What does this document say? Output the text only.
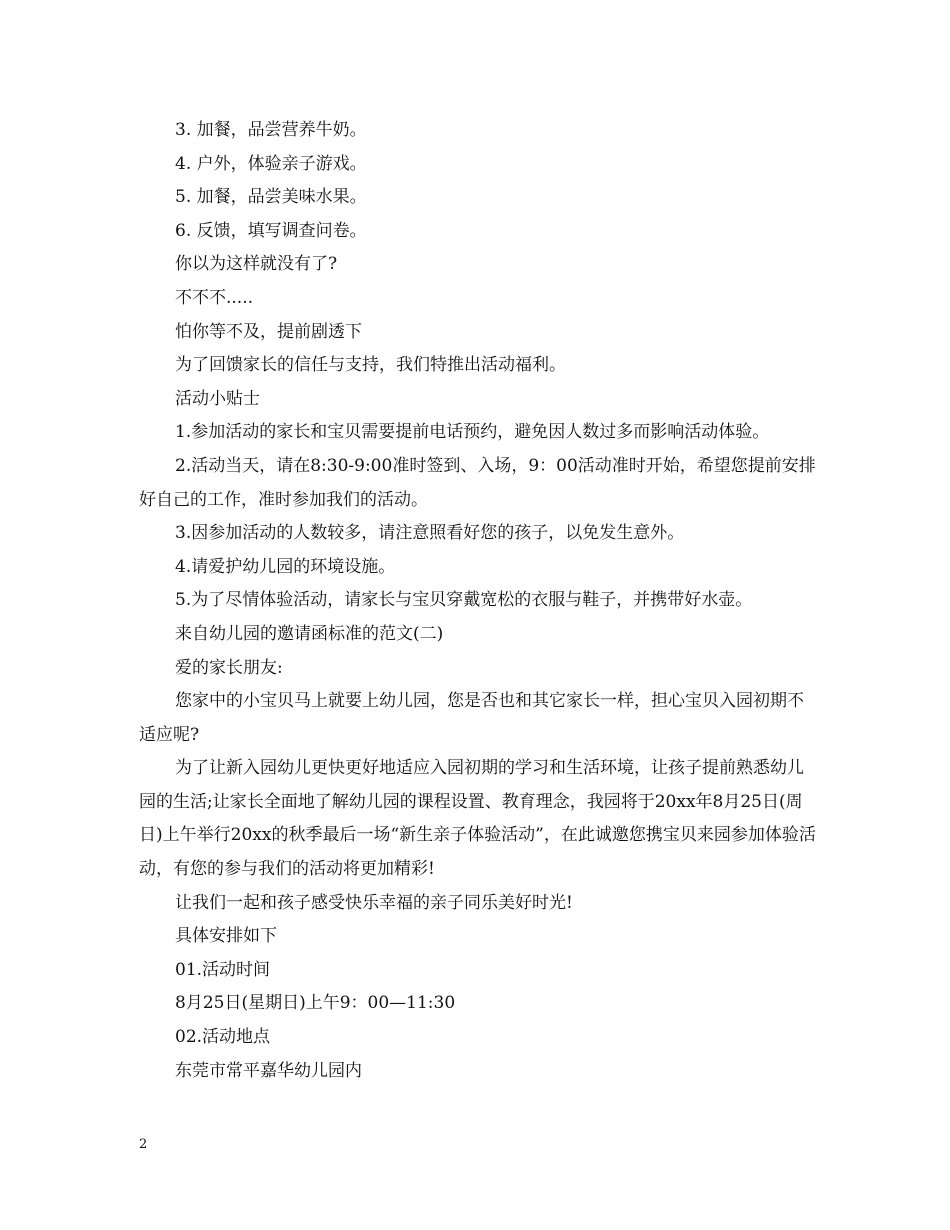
3. 加餐，品尝营养牛奶。

4. 户外，体验亲子游戏。

5. 加餐，品尝美味水果。

6. 反馈，填写调查问卷。

你以为这样就没有了?

不不不.....

怕你等不及，提前剧透下

为了回馈家长的信任与支持，我们特推出活动福利。

活动小贴士

1.参加活动的家长和宝贝需要提前电话预约，避免因人数过多而影响活动体验。

2.活动当天，请在8:30-9:00准时签到、入场，9：00活动准时开始，希望您提前安排好自己的工作，准时参加我们的活动。

3.因参加活动的人数较多，请注意照看好您的孩子，以免发生意外。

4.请爱护幼儿园的环境设施。

5.为了尽情体验活动，请家长与宝贝穿戴宽松的衣服与鞋子，并携带好水壶。

来自幼儿园的邀请函标准的范文(二)

爱的家长朋友:

您家中的小宝贝马上就要上幼儿园，您是否也和其它家长一样，担心宝贝入园初期不适应呢?

为了让新入园幼儿更快更好地适应入园初期的学习和生活环境，让孩子提前熟悉幼儿园的生活;让家长全面地了解幼儿园的课程设置、教育理念，我园将于20xx年8月25日(周日)上午举行20xx的秋季最后一场“新生亲子体验活动”，在此诚邀您携宝贝来园参加体验活动，有您的参与我们的活动将更加精彩!

让我们一起和孩子感受快乐幸福的亲子同乐美好时光!

具体安排如下

01.活动时间

8月25日(星期日)上午9：00—11:30

02.活动地点

东莞市常平嘉华幼儿园内

2
